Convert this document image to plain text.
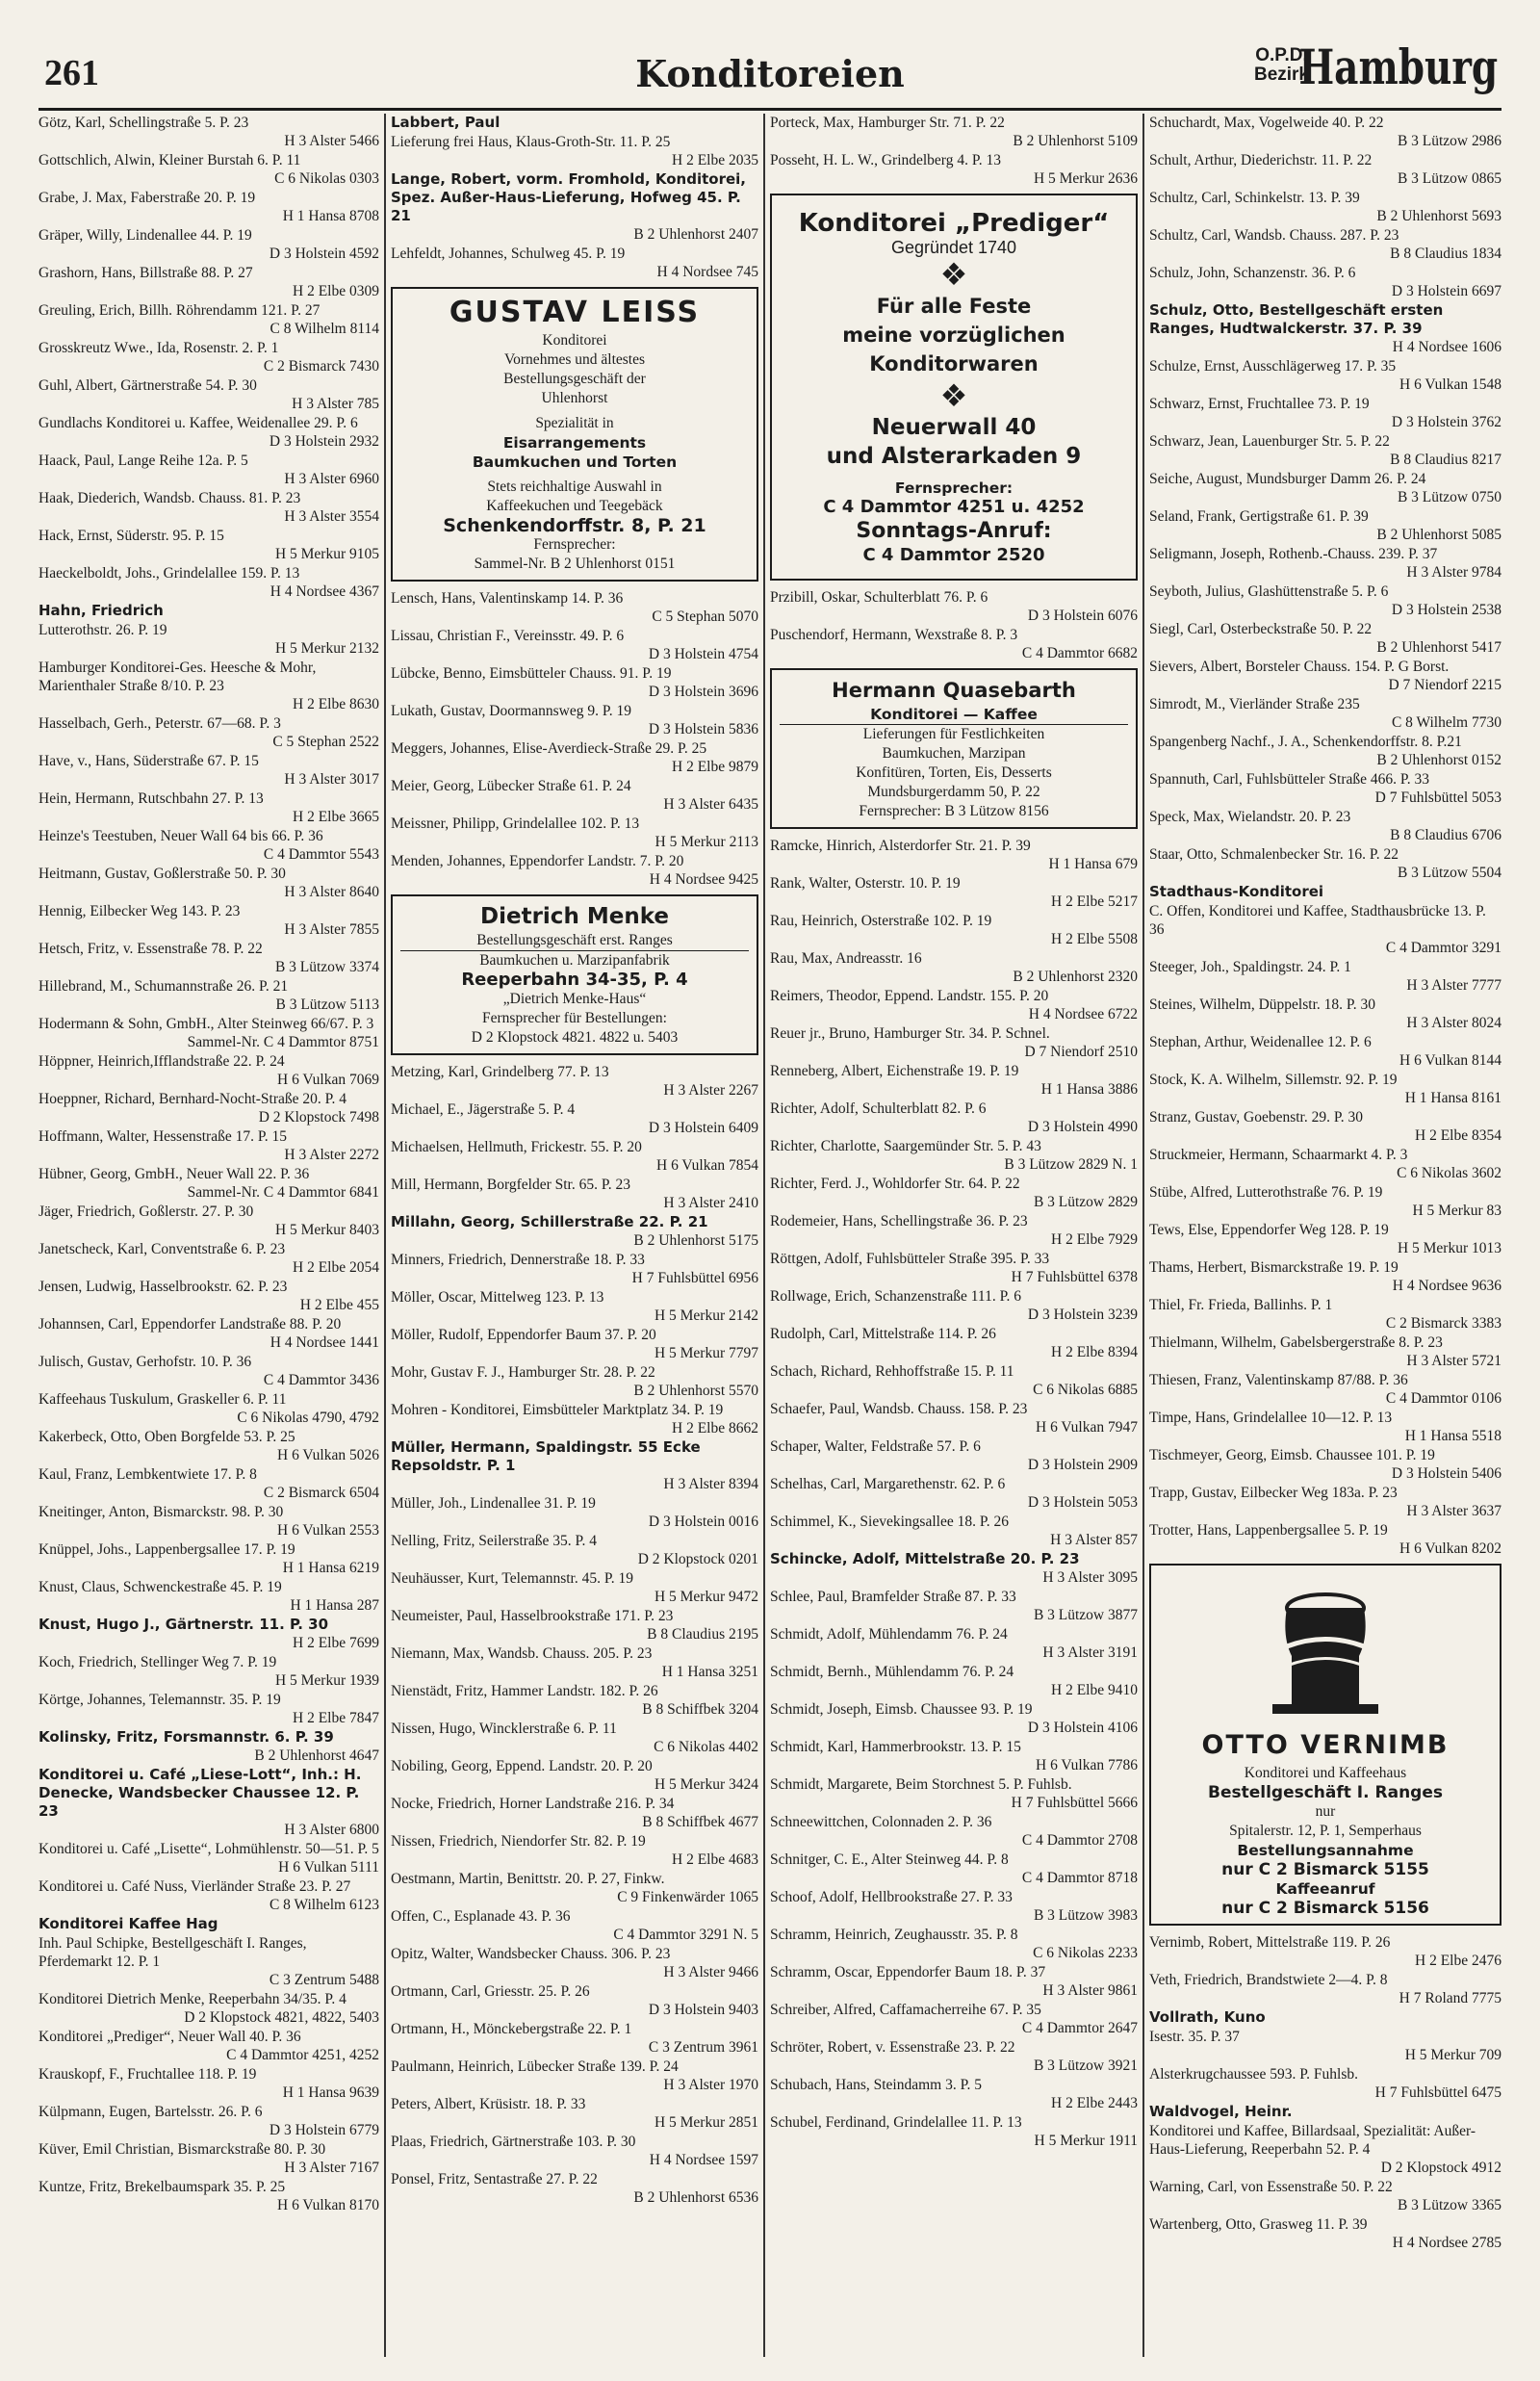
261	Konditoreien	O.P.D.
Bezirk
Hamburg
Götz, Karl, Schellingstraße 5. P. 23
H 3 Alster 5466
Gottschlich, Alwin, Kleiner Burstah 6. P. 11
C 6 Nikolas 0303
Grabe, J. Max, Faberstraße 20. P. 19
H 1 Hansa 8708
Gräper, Willy, Lindenallee 44. P. 19
D 3 Holstein 4592
Grashorn, Hans, Billstraße 88. P. 27
H 2 Elbe 0309
Greuling, Erich, Billh. Röhrendamm 121. P. 27
C 8 Wilhelm 8114
Grosskreutz Wwe., Ida, Rosenstr. 2. P. 1
C 2 Bismarck 7430
Guhl, Albert, Gärtnerstraße 54. P. 30
H 3 Alster 785
Gundlachs Konditorei u. Kaffee, Weidenallee 29. P. 6
D 3 Holstein 2932
Haack, Paul, Lange Reihe 12a. P. 5
H 3 Alster 6960
Haak, Diederich, Wandsb. Chauss. 81. P. 23
H 3 Alster 3554
Hack, Ernst, Süderstr. 95. P. 15
H 5 Merkur 9105
Haeckelboldt, Johs., Grindelallee 159. P. 13
H 4 Nordsee 4367
Hahn, Friedrich
Lutterothstr. 26. P. 19
H 5 Merkur 2132
Hamburger Konditorei-Ges. Heesche & Mohr, Marienthaler Straße 8/10. P. 23
H 2 Elbe 8630
Hasselbach, Gerh., Peterstr. 67—68. P. 3
C 5 Stephan 2522
Have, v., Hans, Süderstraße 67. P. 15
H 3 Alster 3017
Hein, Hermann, Rutschbahn 27. P. 13
H 2 Elbe 3665
Heinze's Teestuben, Neuer Wall 64 bis 66. P. 36
C 4 Dammtor 5543
Heitmann, Gustav, Goßlerstraße 50. P. 30
H 3 Alster 8640
Hennig, Eilbecker Weg 143. P. 23
H 3 Alster 7855
Hetsch, Fritz, v. Essenstraße 78. P. 22
B 3 Lützow 3374
Hillebrand, M., Schumannstraße 26. P. 21
B 3 Lützow 5113
Hodermann & Sohn, GmbH., Alter Steinweg 66/67. P. 3
Sammel-Nr. C 4 Dammtor 8751
Höppner, Heinrich,Ifflandstraße 22. P. 24
H 6 Vulkan 7069
Hoeppner, Richard, Bernhard-Nocht-Straße 20. P. 4
D 2 Klopstock 7498
Hoffmann, Walter, Hessenstraße 17. P. 15
H 3 Alster 2272
Hübner, Georg, GmbH., Neuer Wall 22. P. 36
Sammel-Nr. C 4 Dammtor 6841
Jäger, Friedrich, Goßlerstr. 27. P. 30
H 5 Merkur 8403
Janetscheck, Karl, Conventstraße 6. P. 23
H 2 Elbe 2054
Jensen, Ludwig, Hasselbrookstr. 62. P. 23
H 2 Elbe 455
Johannsen, Carl, Eppendorfer Landstraße 88. P. 20
H 4 Nordsee 1441
Julisch, Gustav, Gerhofstr. 10. P. 36
C 4 Dammtor 3436
Kaffeehaus Tuskulum, Graskeller 6. P. 11
C 6 Nikolas 4790, 4792
Kakerbeck, Otto, Oben Borgfelde 53. P. 25
H 6 Vulkan 5026
Kaul, Franz, Lembkentwiete 17. P. 8
C 2 Bismarck 6504
Kneitinger, Anton, Bismarckstr. 98. P. 30
H 6 Vulkan 2553
Knüppel, Johs., Lappenbergsallee 17. P. 19
H 1 Hansa 6219
Knust, Claus, Schwenckestraße 45. P. 19
H 1 Hansa 287
Knust, Hugo J., Gärtnerstr. 11. P. 30
H 2 Elbe 7699
Koch, Friedrich, Stellinger Weg 7. P. 19
H 5 Merkur 1939
Körtge, Johannes, Telemannstr. 35. P. 19
H 2 Elbe 7847
Kolinsky, Fritz, Forsmannstr. 6. P. 39
B 2 Uhlenhorst 4647
Konditorei u. Café „Liese-Lott“, Inh.: H. Denecke, Wandsbecker Chaussee 12. P. 23
H 3 Alster 6800
Konditorei u. Café „Lisette“, Lohmühlenstr. 50—51. P. 5
H 6 Vulkan 5111
Konditorei u. Café Nuss, Vierländer Straße 23. P. 27
C 8 Wilhelm 6123
Konditorei Kaffee Hag
Inh. Paul Schipke, Bestellgeschäft I. Ranges, Pferdemarkt 12. P. 1
C 3 Zentrum 5488
Konditorei Dietrich Menke, Reeperbahn 34/35. P. 4
D 2 Klopstock 4821, 4822, 5403
Konditorei „Prediger“, Neuer Wall 40. P. 36
C 4 Dammtor 4251, 4252
Krauskopf, F., Fruchtallee 118. P. 19
H 1 Hansa 9639
Külpmann, Eugen, Bartelsstr. 26. P. 6
D 3 Holstein 6779
Küver, Emil Christian, Bismarckstraße 80. P. 30
H 3 Alster 7167
Kuntze, Fritz, Brekelbaumspark 35. P. 25
H 6 Vulkan 8170
Labbert, Paul
Lieferung frei Haus, Klaus-Groth-Str. 11. P. 25
H 2 Elbe 2035
Lange, Robert, vorm. Fromhold, Konditorei, Spez. Außer-Haus-Lieferung, Hofweg 45. P. 21
B 2 Uhlenhorst 2407
Lehfeldt, Johannes, Schulweg 45. P. 19
H 4 Nordsee 745
GUSTAV LEISS
Konditorei
Vornehmes und ältestes
Bestellungsgeschäft der
Uhlenhorst
Spezialität in
Eisarrangements
Baumkuchen und Torten
Stets reichhaltige Auswahl in
Kaffeekuchen und Teegebäck
Schenkendorffstr. 8, P. 21
Fernsprecher:
Sammel-Nr. B 2 Uhlenhorst 0151
Lensch, Hans, Valentinskamp 14. P. 36
C 5 Stephan 5070
Lissau, Christian F., Vereinsstr. 49. P. 6
D 3 Holstein 4754
Lübcke, Benno, Eimsbütteler Chauss. 91. P. 19
D 3 Holstein 3696
Lukath, Gustav, Doormannsweg 9. P. 19
D 3 Holstein 5836
Meggers, Johannes, Elise-Averdieck-Straße 29. P. 25
H 2 Elbe 9879
Meier, Georg, Lübecker Straße 61. P. 24
H 3 Alster 6435
Meissner, Philipp, Grindelallee 102. P. 13
H 5 Merkur 2113
Menden, Johannes, Eppendorfer Landstr. 7. P. 20
H 4 Nordsee 9425
Dietrich Menke
Bestellungsgeschäft erst. Ranges
Baumkuchen u. Marzipanfabrik
Reeperbahn 34-35, P. 4
„Dietrich Menke-Haus“
Fernsprecher für Bestellungen:
D 2 Klopstock 4821. 4822 u. 5403
Metzing, Karl, Grindelberg 77. P. 13
H 3 Alster 2267
Michael, E., Jägerstraße 5. P. 4
D 3 Holstein 6409
Michaelsen, Hellmuth, Frickestr. 55. P. 20
H 6 Vulkan 7854
Mill, Hermann, Borgfelder Str. 65. P. 23
H 3 Alster 2410
Millahn, Georg, Schillerstraße 22. P. 21
B 2 Uhlenhorst 5175
Minners, Friedrich, Dennerstraße 18. P. 33
H 7 Fuhlsbüttel 6956
Möller, Oscar, Mittelweg 123. P. 13
H 5 Merkur 2142
Möller, Rudolf, Eppendorfer Baum 37. P. 20
H 5 Merkur 7797
Mohr, Gustav F. J., Hamburger Str. 28. P. 22
B 2 Uhlenhorst 5570
Mohren - Konditorei, Eimsbütteler Marktplatz 34. P. 19
H 2 Elbe 8662
Müller, Hermann, Spaldingstr. 55 Ecke Repsoldstr. P. 1
H 3 Alster 8394
Müller, Joh., Lindenallee 31. P. 19
D 3 Holstein 0016
Nelling, Fritz, Seilerstraße 35. P. 4
D 2 Klopstock 0201
Neuhäusser, Kurt, Telemannstr. 45. P. 19
H 5 Merkur 9472
Neumeister, Paul, Hasselbrookstraße 171. P. 23
B 8 Claudius 2195
Niemann, Max, Wandsb. Chauss. 205. P. 23
H 1 Hansa 3251
Nienstädt, Fritz, Hammer Landstr. 182. P. 26
B 8 Schiffbek 3204
Nissen, Hugo, Wincklerstraße 6. P. 11
C 6 Nikolas 4402
Nobiling, Georg, Eppend. Landstr. 20. P. 20
H 5 Merkur 3424
Nocke, Friedrich, Horner Landstraße 216. P. 34
B 8 Schiffbek 4677
Nissen, Friedrich, Niendorfer Str. 82. P. 19
H 2 Elbe 4683
Oestmann, Martin, Benittstr. 20. P. 27, Finkw.
C 9 Finkenwärder 1065
Offen, C., Esplanade 43. P. 36
C 4 Dammtor 3291 N. 5
Opitz, Walter, Wandsbecker Chauss. 306. P. 23
H 3 Alster 9466
Ortmann, Carl, Griesstr. 25. P. 26
D 3 Holstein 9403
Ortmann, H., Mönckebergstraße 22. P. 1
C 3 Zentrum 3961
Paulmann, Heinrich, Lübecker Straße 139. P. 24
H 3 Alster 1970
Peters, Albert, Krüsistr. 18. P. 33
H 5 Merkur 2851
Plaas, Friedrich, Gärtnerstraße 103. P. 30
H 4 Nordsee 1597
Ponsel, Fritz, Sentastraße 27. P. 22
B 2 Uhlenhorst 6536
Porteck, Max, Hamburger Str. 71. P. 22
B 2 Uhlenhorst 5109
Posseht, H. L. W., Grindelberg 4. P. 13
H 5 Merkur 2636
Konditorei „Prediger“
Gegründet 1740
❖
Für alle Feste
meine vorzüglichen
Konditorwaren
❖
Neuerwall 40
und Alsterarkaden 9
Fernsprecher:
C 4 Dammtor 4251 u. 4252
Sonntags-Anruf:
C 4 Dammtor 2520
Przibill, Oskar, Schulterblatt 76. P. 6
D 3 Holstein 6076
Puschendorf, Hermann, Wexstraße 8. P. 3
C 4 Dammtor 6682
Hermann Quasebarth
Konditorei — Kaffee
Lieferungen für Festlichkeiten
Baumkuchen, Marzipan
Konfitüren, Torten, Eis, Desserts
Mundsburgerdamm 50, P. 22
Fernsprecher: B 3 Lützow 8156
Ramcke, Hinrich, Alsterdorfer Str. 21. P. 39
H 1 Hansa 679
Rank, Walter, Osterstr. 10. P. 19
H 2 Elbe 5217
Rau, Heinrich, Osterstraße 102. P. 19
H 2 Elbe 5508
Rau, Max, Andreasstr. 16
B 2 Uhlenhorst 2320
Reimers, Theodor, Eppend. Landstr. 155. P. 20
H 4 Nordsee 6722
Reuer jr., Bruno, Hamburger Str. 34. P. Schnel.
D 7 Niendorf 2510
Renneberg, Albert, Eichenstraße 19. P. 19
H 1 Hansa 3886
Richter, Adolf, Schulterblatt 82. P. 6
D 3 Holstein 4990
Richter, Charlotte, Saargemünder Str. 5. P. 43
B 3 Lützow 2829 N. 1
Richter, Ferd. J., Wohldorfer Str. 64. P. 22
B 3 Lützow 2829
Rodemeier, Hans, Schellingstraße 36. P. 23
H 2 Elbe 7929
Röttgen, Adolf, Fuhlsbütteler Straße 395. P. 33
H 7 Fuhlsbüttel 6378
Rollwage, Erich, Schanzenstraße 111. P. 6
D 3 Holstein 3239
Rudolph, Carl, Mittelstraße 114. P. 26
H 2 Elbe 8394
Schach, Richard, Rehhoffstraße 15. P. 11
C 6 Nikolas 6885
Schaefer, Paul, Wandsb. Chauss. 158. P. 23
H 6 Vulkan 7947
Schaper, Walter, Feldstraße 57. P. 6
D 3 Holstein 2909
Schelhas, Carl, Margarethenstr. 62. P. 6
D 3 Holstein 5053
Schimmel, K., Sievekingsallee 18. P. 26
H 3 Alster 857
Schincke, Adolf, Mittelstraße 20. P. 23
H 3 Alster 3095
Schlee, Paul, Bramfelder Straße 87. P. 33
B 3 Lützow 3877
Schmidt, Adolf, Mühlendamm 76. P. 24
H 3 Alster 3191
Schmidt, Bernh., Mühlendamm 76. P. 24
H 2 Elbe 9410
Schmidt, Joseph, Eimsb. Chaussee 93. P. 19
D 3 Holstein 4106
Schmidt, Karl, Hammerbrookstr. 13. P. 15
H 6 Vulkan 7786
Schmidt, Margarete, Beim Storchnest 5. P. Fuhlsb.
H 7 Fuhlsbüttel 5666
Schneewittchen, Colonnaden 2. P. 36
C 4 Dammtor 2708
Schnitger, C. E., Alter Steinweg 44. P. 8
C 4 Dammtor 8718
Schoof, Adolf, Hellbrookstraße 27. P. 33
B 3 Lützow 3983
Schramm, Heinrich, Zeughausstr. 35. P. 8
C 6 Nikolas 2233
Schramm, Oscar, Eppendorfer Baum 18. P. 37
H 3 Alster 9861
Schreiber, Alfred, Caffamacherreihe 67. P. 35
C 4 Dammtor 2647
Schröter, Robert, v. Essenstraße 23. P. 22
B 3 Lützow 3921
Schubach, Hans, Steindamm 3. P. 5
H 2 Elbe 2443
Schubel, Ferdinand, Grindelallee 11. P. 13
H 5 Merkur 1911
Schuchardt, Max, Vogelweide 40. P. 22
B 3 Lützow 2986
Schult, Arthur, Diederichstr. 11. P. 22
B 3 Lützow 0865
Schultz, Carl, Schinkelstr. 13. P. 39
B 2 Uhlenhorst 5693
Schultz, Carl, Wandsb. Chauss. 287. P. 23
B 8 Claudius 1834
Schulz, John, Schanzenstr. 36. P. 6
D 3 Holstein 6697
Schulz, Otto, Bestellgeschäft ersten Ranges, Hudtwalckerstr. 37. P. 39
H 4 Nordsee 1606
Schulze, Ernst, Ausschlägerweg 17. P. 35
H 6 Vulkan 1548
Schwarz, Ernst, Fruchtallee 73. P. 19
D 3 Holstein 3762
Schwarz, Jean, Lauenburger Str. 5. P. 22
B 8 Claudius 8217
Seiche, August, Mundsburger Damm 26. P. 24
B 3 Lützow 0750
Seland, Frank, Gertigstraße 61. P. 39
B 2 Uhlenhorst 5085
Seligmann, Joseph, Rothenb.-Chauss. 239. P. 37
H 3 Alster 9784
Seyboth, Julius, Glashüttenstraße 5. P. 6
D 3 Holstein 2538
Siegl, Carl, Osterbeckstraße 50. P. 22
B 2 Uhlenhorst 5417
Sievers, Albert, Borsteler Chauss. 154. P. G Borst.
D 7 Niendorf 2215
Simrodt, M., Vierländer Straße 235
C 8 Wilhelm 7730
Spangenberg Nachf., J. A., Schenkendorffstr. 8. P.21
B 2 Uhlenhorst 0152
Spannuth, Carl, Fuhlsbütteler Straße 466. P. 33
D 7 Fuhlsbüttel 5053
Speck, Max, Wielandstr. 20. P. 23
B 8 Claudius 6706
Staar, Otto, Schmalenbecker Str. 16. P. 22
B 3 Lützow 5504
Stadthaus-Konditorei
C. Offen, Konditorei und Kaffee, Stadthausbrücke 13. P. 36
C 4 Dammtor 3291
Steeger, Joh., Spaldingstr. 24. P. 1
H 3 Alster 7777
Steines, Wilhelm, Düppelstr. 18. P. 30
H 3 Alster 8024
Stephan, Arthur, Weidenallee 12. P. 6
H 6 Vulkan 8144
Stock, K. A. Wilhelm, Sillemstr. 92. P. 19
H 1 Hansa 8161
Stranz, Gustav, Goebenstr. 29. P. 30
H 2 Elbe 8354
Struckmeier, Hermann, Schaarmarkt 4. P. 3
C 6 Nikolas 3602
Stübe, Alfred, Lutterothstraße 76. P. 19
H 5 Merkur 83
Tews, Else, Eppendorfer Weg 128. P. 19
H 5 Merkur 1013
Thams, Herbert, Bismarckstraße 19. P. 19
H 4 Nordsee 9636
Thiel, Fr. Frieda, Ballinhs. P. 1
C 2 Bismarck 3383
Thielmann, Wilhelm, Gabelsbergerstraße 8. P. 23
H 3 Alster 5721
Thiesen, Franz, Valentinskamp 87/88. P. 36
C 4 Dammtor 0106
Timpe, Hans, Grindelallee 10—12. P. 13
H 1 Hansa 5518
Tischmeyer, Georg, Eimsb. Chaussee 101. P. 19
D 3 Holstein 5406
Trapp, Gustav, Eilbecker Weg 183a. P. 23
H 3 Alster 3637
Trotter, Hans, Lappenbergsallee 5. P. 19
H 6 Vulkan 8202
OTTO VERNIMB
Konditorei und Kaffeehaus
Bestellgeschäft I. Ranges
nur
Spitalerstr. 12, P. 1, Semperhaus
Bestellungsannahme
nur C 2 Bismarck 5155
Kaffeeanruf
nur C 2 Bismarck 5156
Vernimb, Robert, Mittelstraße 119. P. 26
H 2 Elbe 2476
Veth, Friedrich, Brandstwiete 2—4. P. 8
H 7 Roland 7775
Vollrath, Kuno
Isestr. 35. P. 37
H 5 Merkur 709
Alsterkrugchaussee 593. P. Fuhlsb.
H 7 Fuhlsbüttel 6475
Waldvogel, Heinr.
Konditorei und Kaffee, Billardsaal, Spezialität: Außer-Haus-Lieferung, Reeperbahn 52. P. 4
D 2 Klopstock 4912
Warning, Carl, von Essenstraße 50. P. 22
B 3 Lützow 3365
Wartenberg, Otto, Grasweg 11. P. 39
H 4 Nordsee 2785
